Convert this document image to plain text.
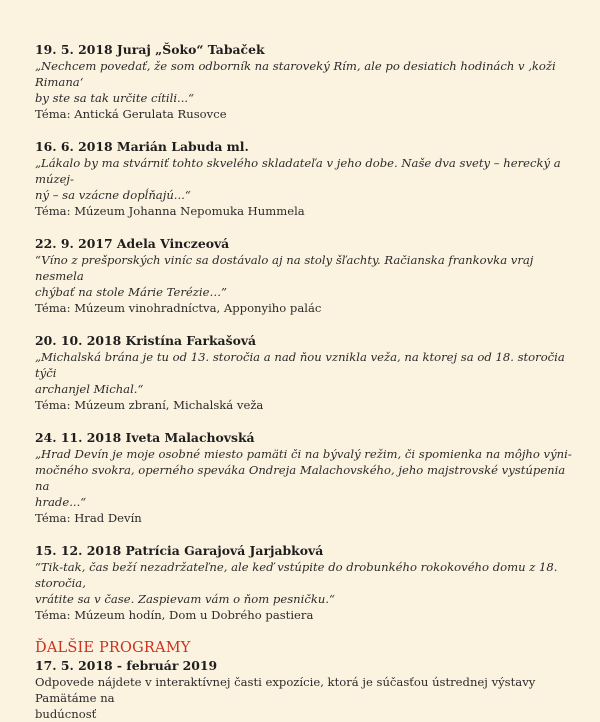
19. 5. 2018 Juraj „Šoko“ Tabaček
„Nechcem povedať, že som odborník na staroveký Rím, ale po desiatich hodinách v ‚koži Rimana‘
by ste sa tak určite cítili...“
Téma: Antická Gerulata Rusovce
16. 6. 2018 Marián Labuda ml.
„Lákalo by ma stvárniť tohto skvelého skladateľa v jeho dobe. Naše dva svety – herecký a múzej-
ný – sa vzácne dopĺňajú...“
Téma: Múzeum Johanna Nepomuka Hummela
22. 9. 2017 Adela Vinczeová
“Víno z prešporských viníc sa dostávalo aj na stoly šľachty. Račianska frankovka vraj nesmela
chýbať na stole Márie Terézie…”
Téma: Múzeum vinohradníctva, Apponyiho palác
20. 10. 2018 Kristína Farkašová
„Michalská brána je tu od 13. storočia a nad ňou vznikla veža, na ktorej sa od 18. storočia týči
archanjel Michal.“
Téma: Múzeum zbraní, Michalská veža
24. 11. 2018 Iveta Malachovská
„Hrad Devín je moje osobné miesto pamäti či na bývalý režim, či spomienka na môjho výni-
močného svokra, operného speváka Ondreja Malachovského, jeho majstrovské vystúpenia na
hrade...“
Téma: Hrad Devín
15. 12. 2018 Patrícia Garajová Jarjabková
“Tik-tak, čas beží nezadržateľne, ale keď vstúpite do drobunkého rokokového domu z 18. storočia,
vrátite sa v čase. Zaspievam vám o ňom pesničku.“
Téma: Múzeum hodín, Dom u Dobrého pastiera
ĎALŠIE PROGRAMY
17. 5. 2018 - február 2019
Odpovede nájdete v interaktívnej časti expozície, ktorá je súčasťou ústrednej výstavy Pamätáme na
budúcnosť
